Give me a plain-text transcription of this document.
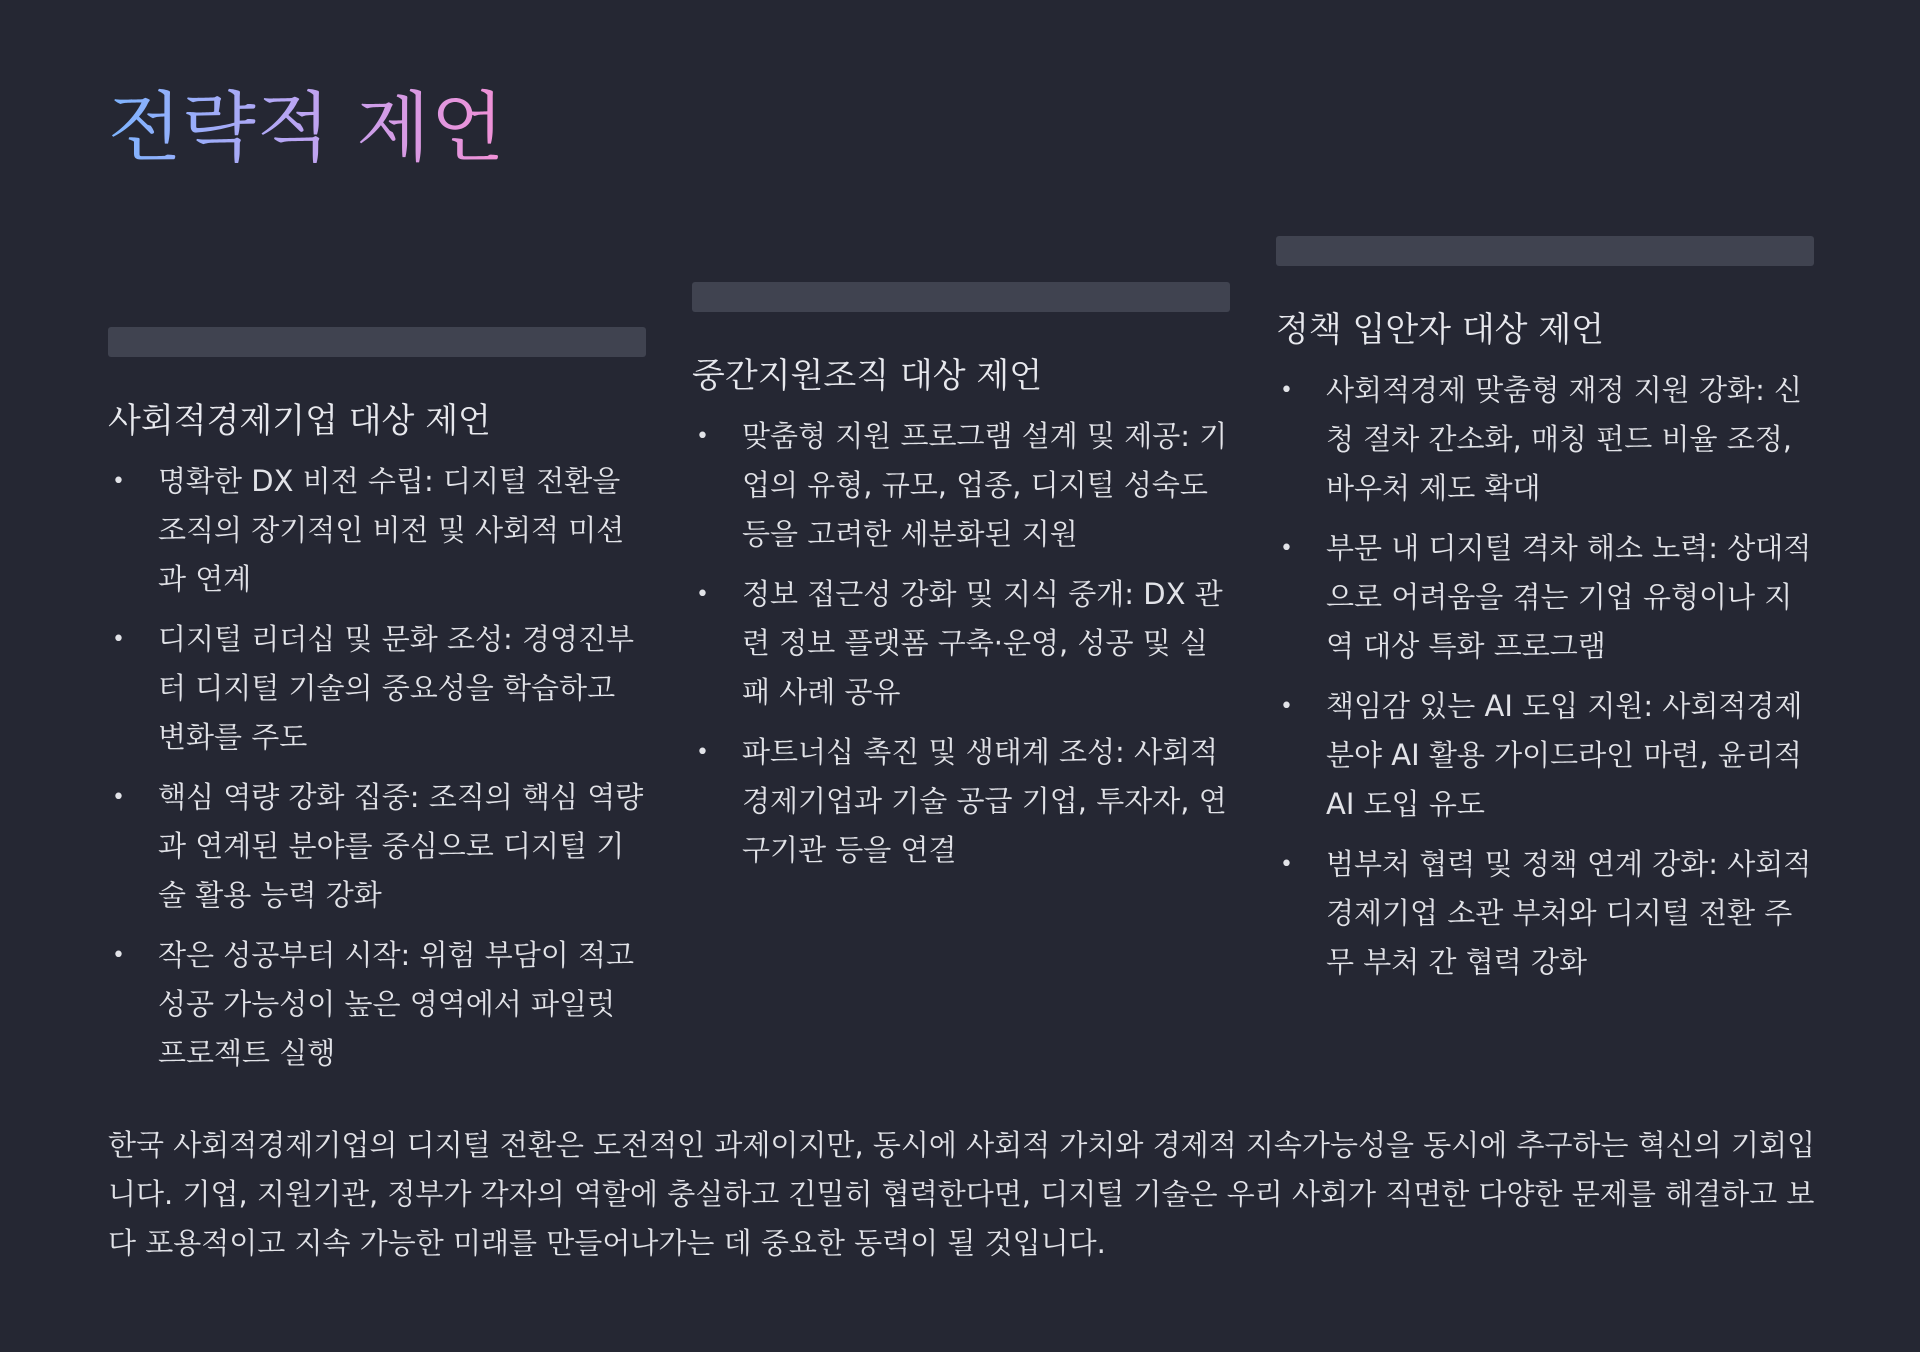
전략적 제언
사회적경제기업 대상 제언
• 명확한 DX 비전 수립: 디지털 전환을 조직의 장기적인 비전 및 사회적 미션과 연계
• 디지털 리더십 및 문화 조성: 경영진부터 디지털 기술의 중요성을 학습하고 변화를 주도
• 핵심 역량 강화 집중: 조직의 핵심 역량과 연계된 분야를 중심으로 디지털 기술 활용 능력 강화
• 작은 성공부터 시작: 위험 부담이 적고 성공 가능성이 높은 영역에서 파일럿 프로젝트 실행
중간지원조직 대상 제언
• 맞춤형 지원 프로그램 설계 및 제공: 기업의 유형, 규모, 업종, 디지털 성숙도 등을 고려한 세분화된 지원
• 정보 접근성 강화 및 지식 중개: DX 관련 정보 플랫폼 구축·운영, 성공 및 실패 사례 공유
• 파트너십 촉진 및 생태계 조성: 사회적경제기업과 기술 공급 기업, 투자자, 연구기관 등을 연결
정책 입안자 대상 제언
• 사회적경제 맞춤형 재정 지원 강화: 신청 절차 간소화, 매칭 펀드 비율 조정, 바우처 제도 확대
• 부문 내 디지털 격차 해소 노력: 상대적으로 어려움을 겪는 기업 유형이나 지역 대상 특화 프로그램
• 책임감 있는 AI 도입 지원: 사회적경제 분야 AI 활용 가이드라인 마련, 윤리적 AI 도입 유도
• 범부처 협력 및 정책 연계 강화: 사회적경제기업 소관 부처와 디지털 전환 주무 부처 간 협력 강화

한국 사회적경제기업의 디지털 전환은 도전적인 과제이지만, 동시에 사회적 가치와 경제적 지속가능성을 동시에 추구하는 혁신의 기회입니다. 기업, 지원기관, 정부가 각자의 역할에 충실하고 긴밀히 협력한다면, 디지털 기술은 우리 사회가 직면한 다양한 문제를 해결하고 보다 포용적이고 지속 가능한 미래를 만들어나가는 데 중요한 동력이 될 것입니다.
